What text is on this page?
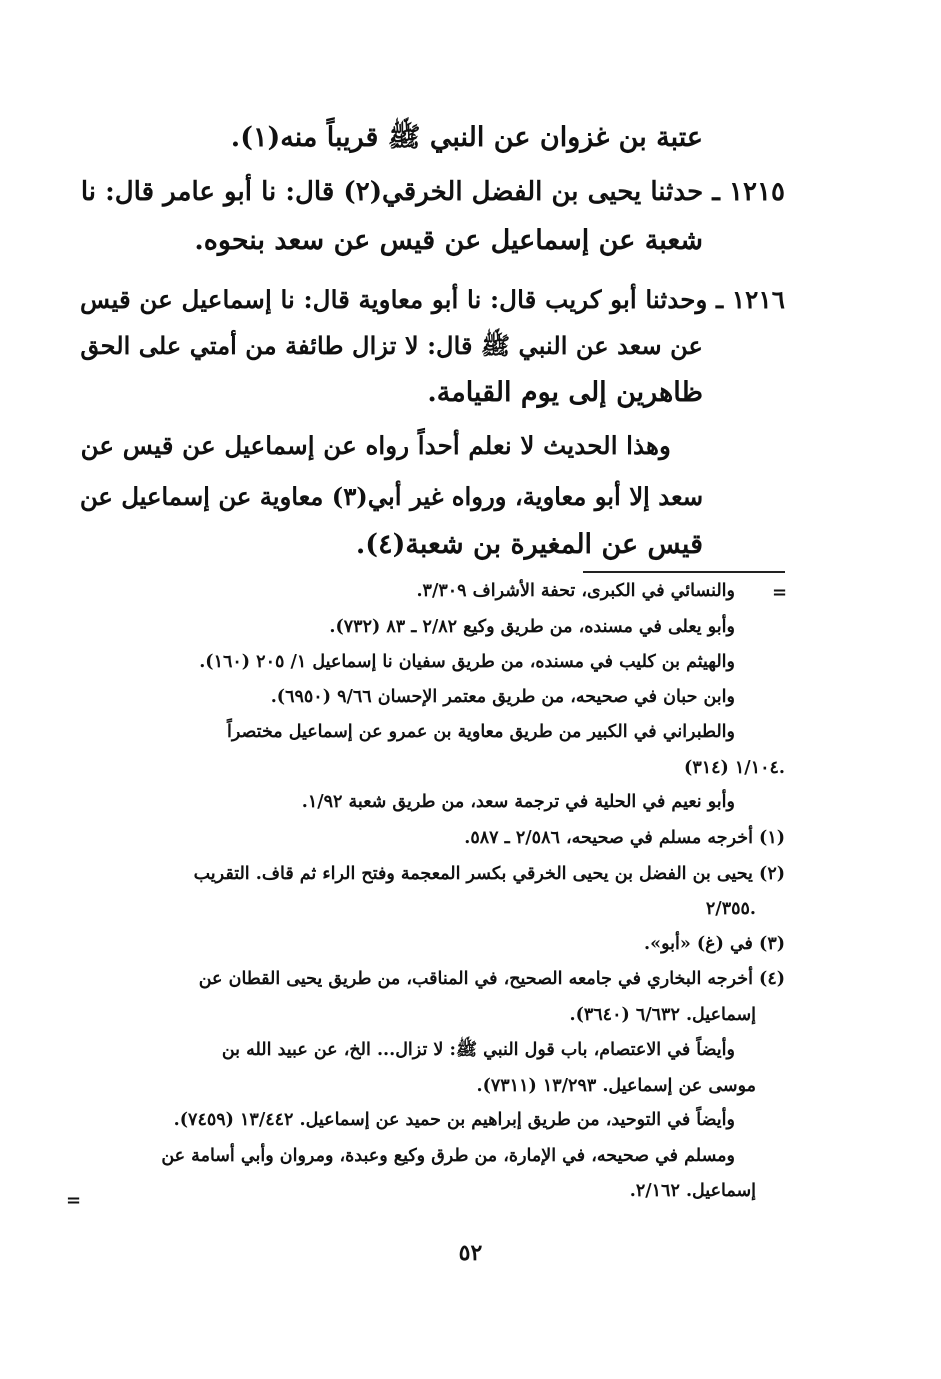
عتبة بن غزوان عن النبي ﷺ قريباً منه(١).
١٢١٥ ـ حدثنا يحيى بن الفضل الخرقي(٢) قال: نا أبو عامر قال: نا
شعبة عن إسماعيل عن قيس عن سعد بنحوه.
١٢١٦ ـ وحدثنا أبو كريب قال: نا أبو معاوية قال: نا إسماعيل عن قيس
عن سعد عن النبي ﷺ قال: لا تزال طائفة من أمتي على الحق
ظاهرين إلى يوم القيامة.
وهذا الحديث لا نعلم أحداً رواه عن إسماعيل عن قيس عن
سعد إلا أبو معاوية، ورواه غير أبي(٣) معاوية عن إسماعيل عن
قيس عن المغيرة بن شعبة(٤).
=
والنسائي في الكبرى، تحفة الأشراف ٣/٣٠٩.
وأبو يعلى في مسنده، من طريق وكيع ٢/٨٢ ـ ٨٣ (٧٣٢).
والهيثم بن كليب في مسنده، من طريق سفيان نا إسماعيل ١/ ٢٠٥ (١٦٠).
وابن حبان في صحيحه، من طريق معتمر الإحسان ٩/٦٦ (٦٩٥٠).
والطبراني في الكبير من طريق معاوية بن عمرو عن إسماعيل مختصراً
١/١٠٤ (٣١٤).
وأبو نعيم في الحلية في ترجمة سعد، من طريق شعبة ١/٩٢.
(١) أخرجه مسلم في صحيحه، ٢/٥٨٦ ـ ٥٨٧.
(٢) يحيى بن الفضل بن يحيى الخرقي بكسر المعجمة وفتح الراء ثم قاف. التقريب
٢/٣٥٥.
(٣) في (غ) «أبو».
(٤) أخرجه البخاري في جامعه الصحيح، في المناقب، من طريق يحيى القطان عن
إسماعيل. ٦/٦٣٢ (٣٦٤٠).
وأيضاً في الاعتصام، باب قول النبي ﷺ: لا تزال... الخ، عن عبيد الله بن
موسى عن إسماعيل. ١٣/٢٩٣ (٧٣١١).
وأيضاً في التوحيد، من طريق إبراهيم بن حميد عن إسماعيل. ١٣/٤٤٢ (٧٤٥٩).
ومسلم في صحيحه، في الإمارة، من طرق وكيع وعبدة، ومروان وأبي أسامة عن
إسماعيل. ٢/١٦٢.
=
٥٢
